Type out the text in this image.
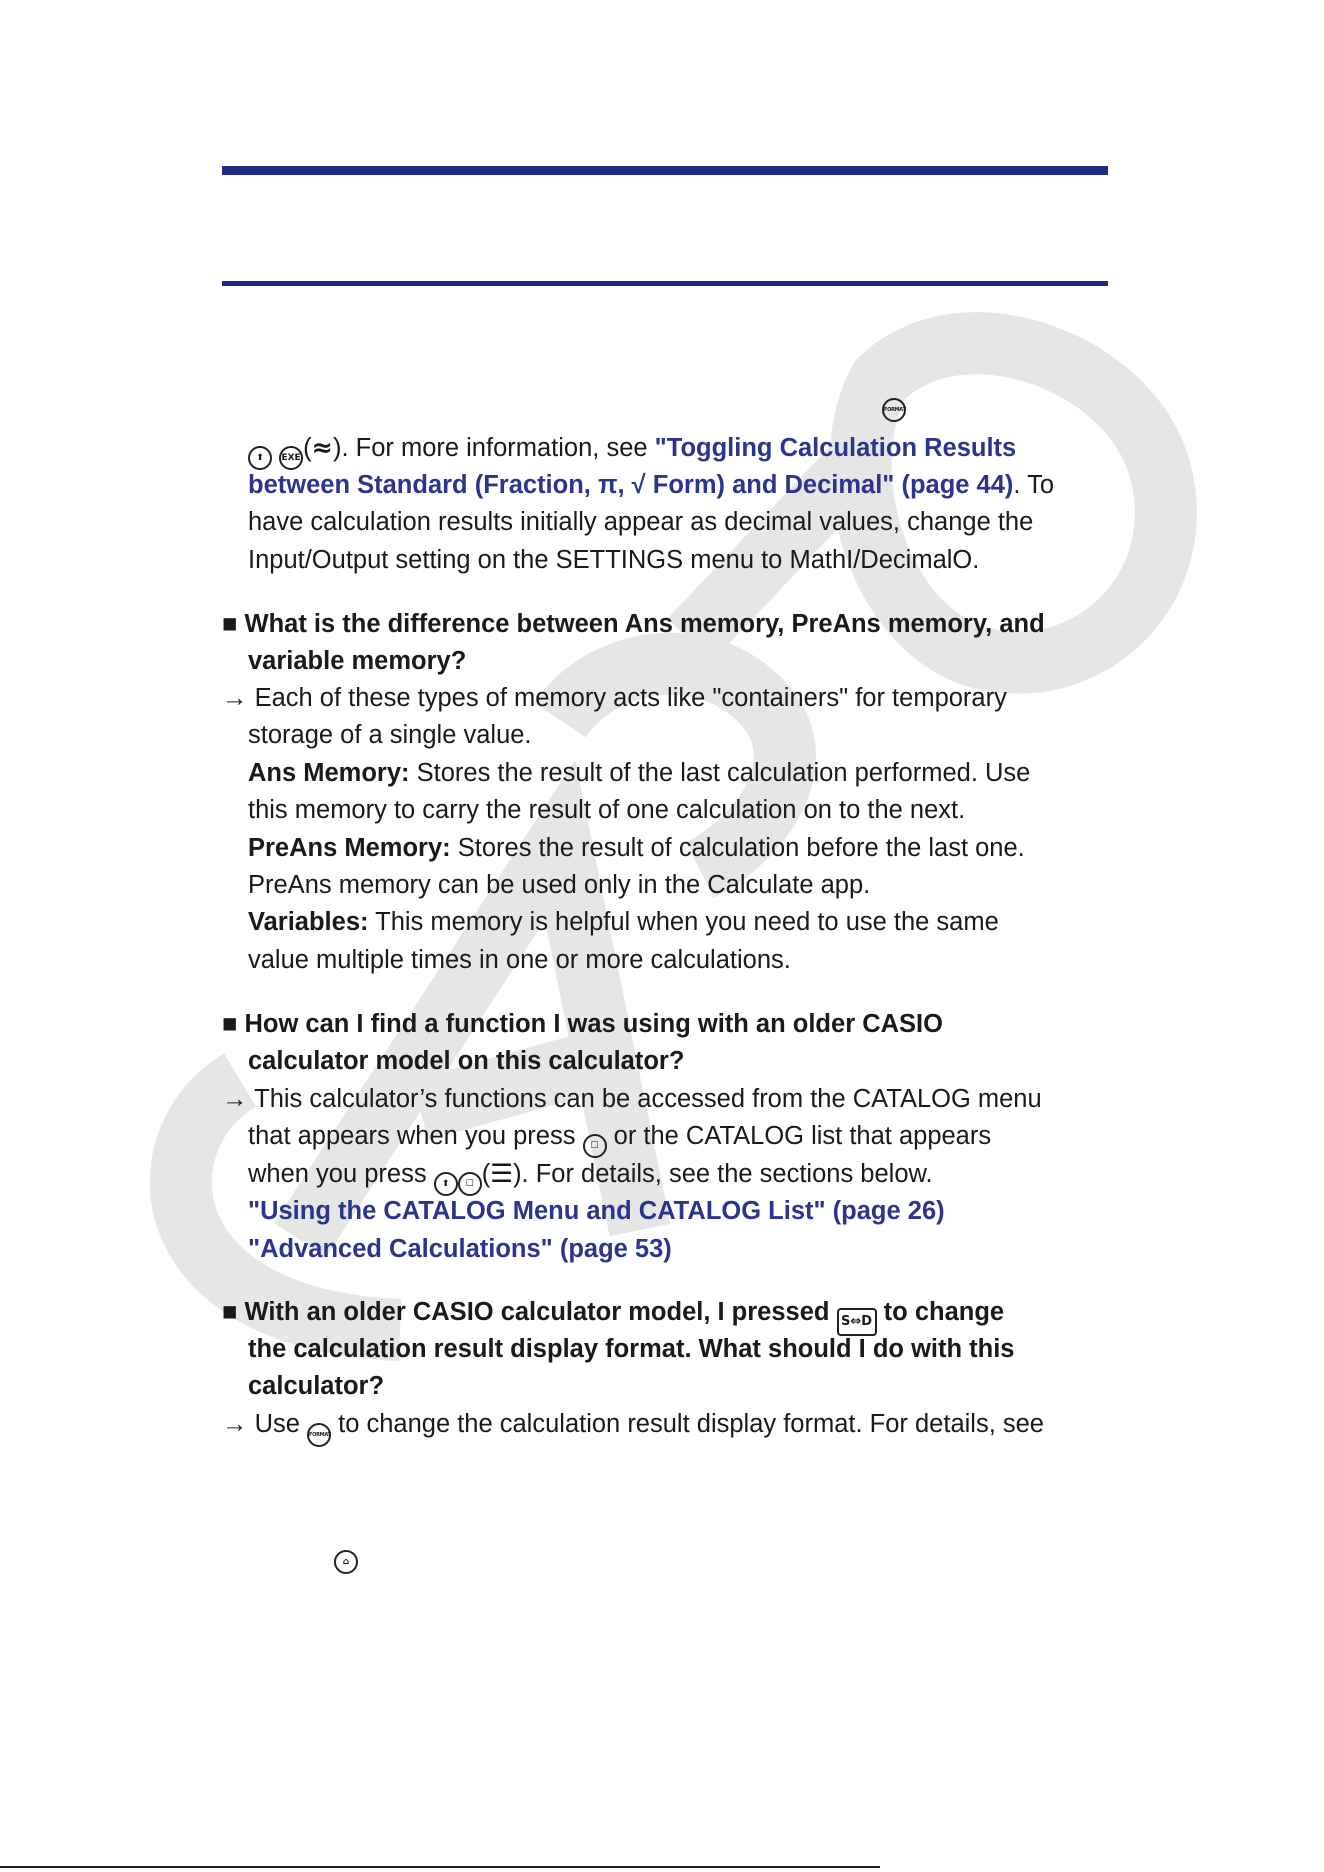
FORMAT
⬆ EXE(≈). For more information, see "Toggling Calculation Results
between Standard (Fraction, π, √ Form) and Decimal" (page 44). To
have calculation results initially appear as decimal values, change the
Input/Output setting on the SETTINGS menu to MathI/DecimalO.
■ What is the difference between Ans memory, PreAns memory, and
variable memory?
→ Each of these types of memory acts like "containers" for temporary
storage of a single value.
Ans Memory: Stores the result of the last calculation performed. Use
this memory to carry the result of one calculation on to the next.
PreAns Memory: Stores the result of calculation before the last one.
PreAns memory can be used only in the Calculate app.
Variables: This memory is helpful when you need to use the same
value multiple times in one or more calculations.
■ How can I find a function I was using with an older CASIO
calculator model on this calculator?
→ This calculator’s functions can be accessed from the CATALOG menu
that appears when you press ☐ or the CATALOG list that appears
when you press ⬆ ☐ (☰). For details, see the sections below.
"Using the CATALOG Menu and CATALOG List" (page 26)
"Advanced Calculations" (page 53)
■ With an older CASIO calculator model, I pressed S⇔D to change
the calculation result display format. What should I do with this
calculator?
→ Use FORMAT to change the calculation result display format. For details, see
⌂
